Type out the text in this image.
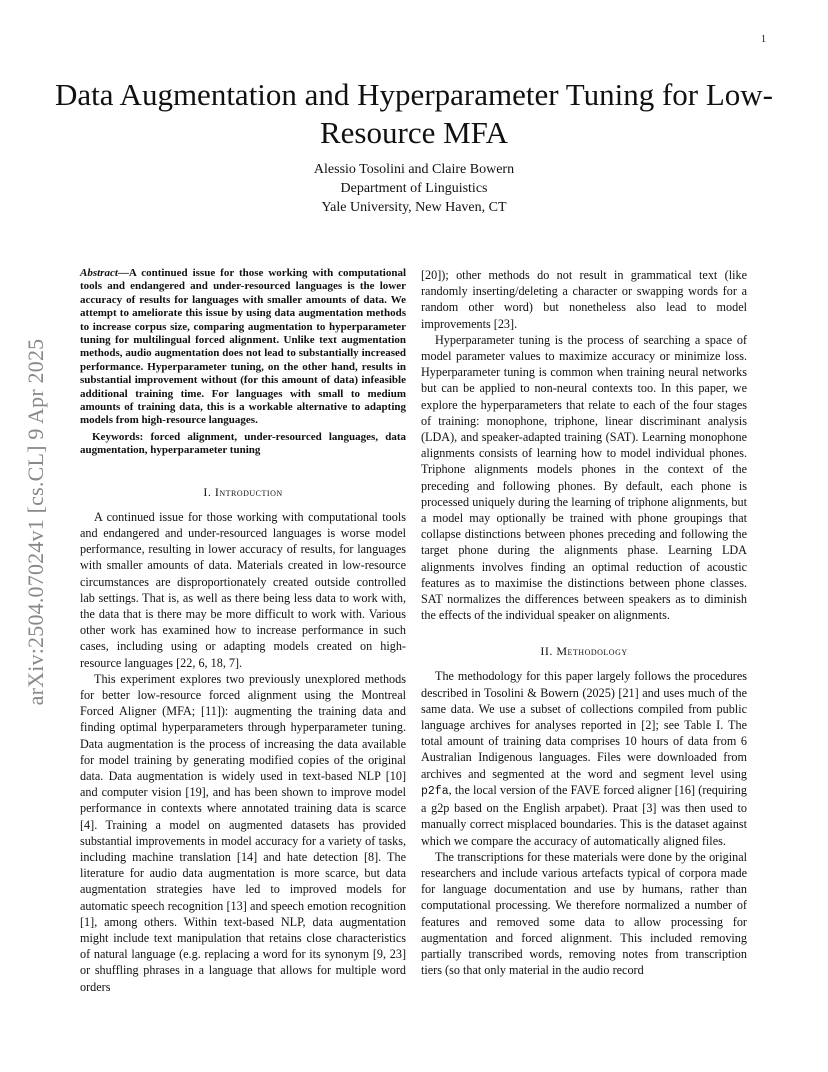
1
arXiv:2504.07024v1 [cs.CL] 9 Apr 2025
Data Augmentation and Hyperparameter Tuning for Low-Resource MFA
Alessio Tosolini and Claire Bowern
Department of Linguistics
Yale University, New Haven, CT

Abstract—A continued issue for those working with computational tools and endangered and under-resourced languages is the lower accuracy of results for languages with smaller amounts of data. We attempt to ameliorate this issue by using data augmentation methods to increase corpus size, comparing augmentation to hyperparameter tuning for multilingual forced alignment. Unlike text augmentation methods, audio augmentation does not lead to substantially increased performance. Hyperparameter tuning, on the other hand, results in substantial improvement without (for this amount of data) infeasible additional training time. For languages with small to medium amounts of training data, this is a workable alternative to adapting models from high-resource languages.

Keywords: forced alignment, under-resourced languages, data augmentation, hyperparameter tuning

I. Introduction

A continued issue for those working with computational tools and endangered and under-resourced languages is worse model performance, resulting in lower accuracy of results, for languages with smaller amounts of data. Materials created in low-resource circumstances are disproportionately created outside controlled lab settings. That is, as well as there being less data to work with, the data that is there may be more difficult to work with. Various other work has examined how to increase performance in such cases, including using or adapting models created on high-resource languages [22, 6, 18, 7].

This experiment explores two previously unexplored methods for better low-resource forced alignment using the Montreal Forced Aligner (MFA; [11]): augmenting the training data and finding optimal hyperparameters through hyperparameter tuning. Data augmentation is the process of increasing the data available for model training by generating modified copies of the original data. Data augmentation is widely used in text-based NLP [10] and computer vision [19], and has been shown to improve model performance in contexts where annotated training data is scarce [4]. Training a model on augmented datasets has provided substantial improvements in model accuracy for a variety of tasks, including machine translation [14] and hate detection [8]. The literature for audio data augmentation is more scarce, but data augmentation strategies have led to improved models for automatic speech recognition [13] and speech emotion recognition [1], among others. Within text-based NLP, data augmentation might include text manipulation that retains close characteristics of natural language (e.g. replacing a word for its synonym [9, 23] or shuffling phrases in a language that allows for multiple word orders

[20]); other methods do not result in grammatical text (like randomly inserting/deleting a character or swapping words for a random other word) but nonetheless also lead to model improvements [23].

Hyperparameter tuning is the process of searching a space of model parameter values to maximize accuracy or minimize loss. Hyperparameter tuning is common when training neural networks but can be applied to non-neural contexts too. In this paper, we explore the hyperparameters that relate to each of the four stages of training: monophone, triphone, linear discriminant analysis (LDA), and speaker-adapted training (SAT). Learning monophone alignments consists of learning how to model individual phones. Triphone alignments models phones in the context of the preceding and following phones. By default, each phone is processed uniquely during the learning of triphone alignments, but a model may optionally be trained with phone groupings that collapse distinctions between phones preceding and following the target phone during the alignments phase. Learning LDA alignments involves finding an optimal reduction of acoustic features as to maximise the distinctions between phone classes. SAT normalizes the differences between speakers as to diminish the effects of the individual speaker on alignments.

II. Methodology

The methodology for this paper largely follows the procedures described in Tosolini & Bowern (2025) [21] and uses much of the same data. We use a subset of collections compiled from public language archives for analyses reported in [2]; see Table I. The total amount of training data comprises 10 hours of data from 6 Australian Indigenous languages. Files were downloaded from archives and segmented at the word and segment level using p2fa, the local version of the FAVE forced aligner [16] (requiring a g2p based on the English arpabet). Praat [3] was then used to manually correct misplaced boundaries. This is the dataset against which we compare the accuracy of automatically aligned files.

The transcriptions for these materials were done by the original researchers and include various artefacts typical of corpora made for language documentation and use by humans, rather than computational processing. We therefore normalized a number of features and removed some data to allow processing for augmentation and forced alignment. This included removing partially transcribed words, removing notes from transcription tiers (so that only material in the audio record
